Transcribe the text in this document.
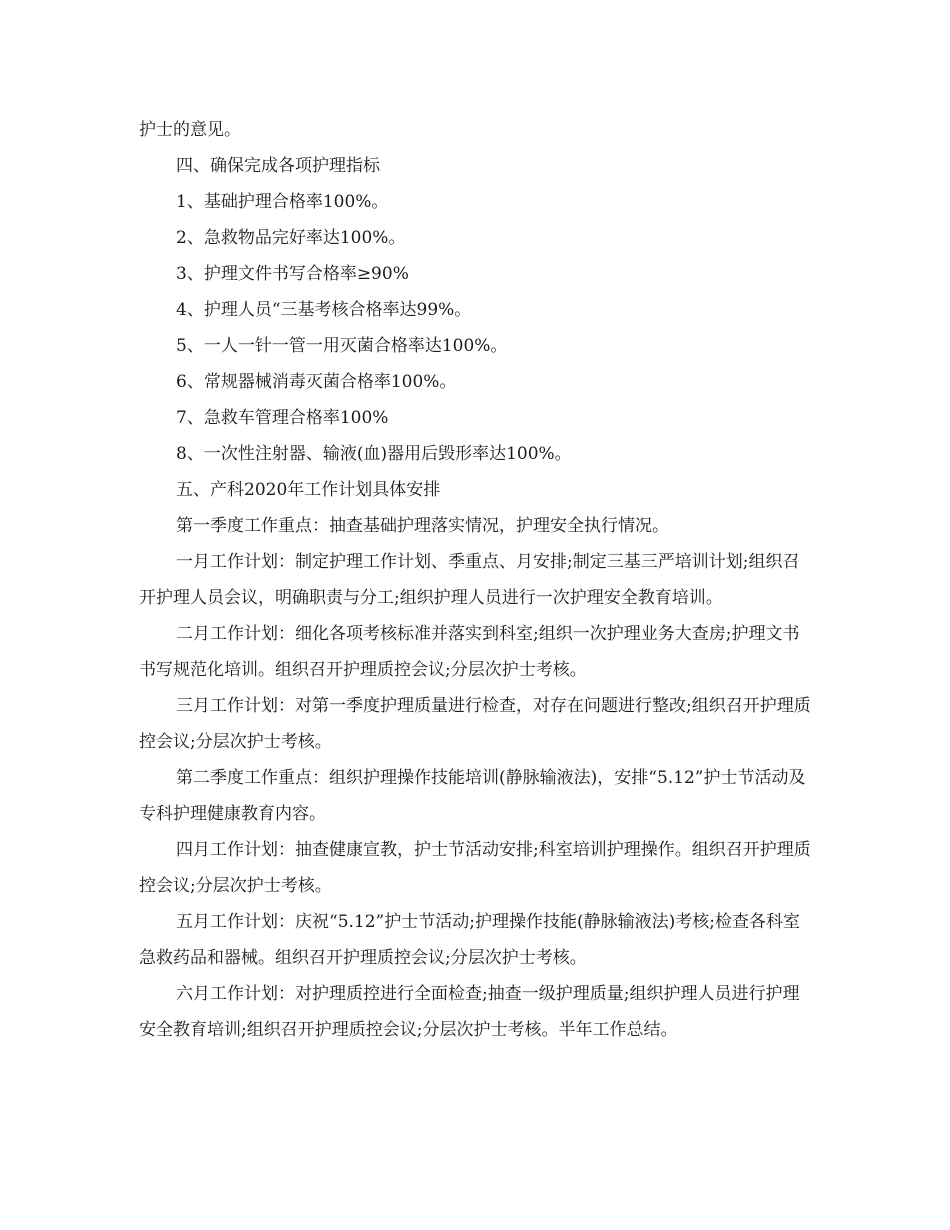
护士的意见。

四、确保完成各项护理指标

1、基础护理合格率100%。

2、急救物品完好率达100%。

3、护理文件书写合格率≥90%

4、护理人员“三基考核合格率达99%。

5、一人一针一管一用灭菌合格率达100%。

6、常规器械消毒灭菌合格率100%。

7、急救车管理合格率100%

8、一次性注射器、输液(血)器用后毁形率达100%。

五、产科2020年工作计划具体安排

第一季度工作重点：抽查基础护理落实情况，护理安全执行情况。

一月工作计划：制定护理工作计划、季重点、月安排;制定三基三严培训计划;组织召开护理人员会议，明确职责与分工;组织护理人员进行一次护理安全教育培训。

二月工作计划：细化各项考核标准并落实到科室;组织一次护理业务大查房;护理文书书写规范化培训。组织召开护理质控会议;分层次护士考核。

三月工作计划：对第一季度护理质量进行检查，对存在问题进行整改;组织召开护理质控会议;分层次护士考核。

第二季度工作重点：组织护理操作技能培训(静脉输液法)，安排“5.12”护士节活动及专科护理健康教育内容。

四月工作计划：抽查健康宣教，护士节活动安排;科室培训护理操作。组织召开护理质控会议;分层次护士考核。

五月工作计划：庆祝“5.12”护士节活动;护理操作技能(静脉输液法)考核;检查各科室急救药品和器械。组织召开护理质控会议;分层次护士考核。

六月工作计划：对护理质控进行全面检查;抽查一级护理质量;组织护理人员进行护理安全教育培训;组织召开护理质控会议;分层次护士考核。半年工作总结。
